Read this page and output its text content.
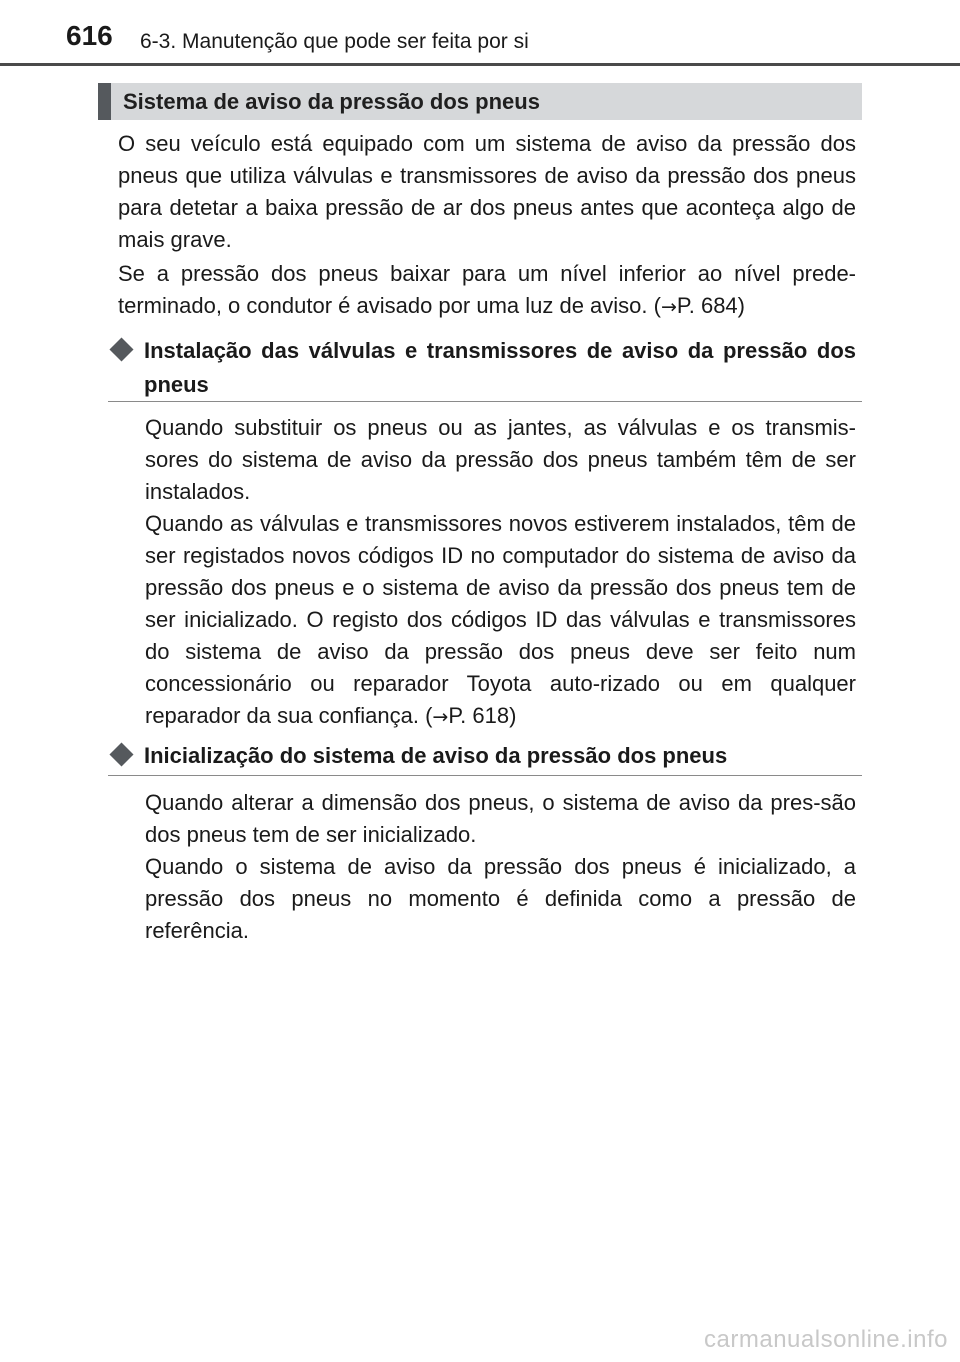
616 6-3. Manutenção que pode ser feita por si
Sistema de aviso da pressão dos pneus

O seu veículo está equipado com um sistema de aviso da pressão dos pneus que utiliza válvulas e transmissores de aviso da pressão dos pneus para detetar a baixa pressão de ar dos pneus antes que aconteça algo de mais grave.

Se a pressão dos pneus baixar para um nível inferior ao nível prede-terminado, o condutor é avisado por uma luz de aviso. (→P. 684)

Instalação das válvulas e transmissores de aviso da pressão dos pneus

Quando substituir os pneus ou as jantes, as válvulas e os transmis-sores do sistema de aviso da pressão dos pneus também têm de ser instalados.

Quando as válvulas e transmissores novos estiverem instalados, têm de ser registados novos códigos ID no computador do sistema de aviso da pressão dos pneus e o sistema de aviso da pressão dos pneus tem de ser inicializado. O registo dos códigos ID das válvulas e transmissores do sistema de aviso da pressão dos pneus deve ser feito num concessionário ou reparador Toyota auto-rizado ou em qualquer reparador da sua confiança. (→P. 618)

Inicialização do sistema de aviso da pressão dos pneus

Quando alterar a dimensão dos pneus, o sistema de aviso da pres-são dos pneus tem de ser inicializado.

Quando o sistema de aviso da pressão dos pneus é inicializado, a pressão dos pneus no momento é definida como a pressão de referência.

carmanualsonline.info
